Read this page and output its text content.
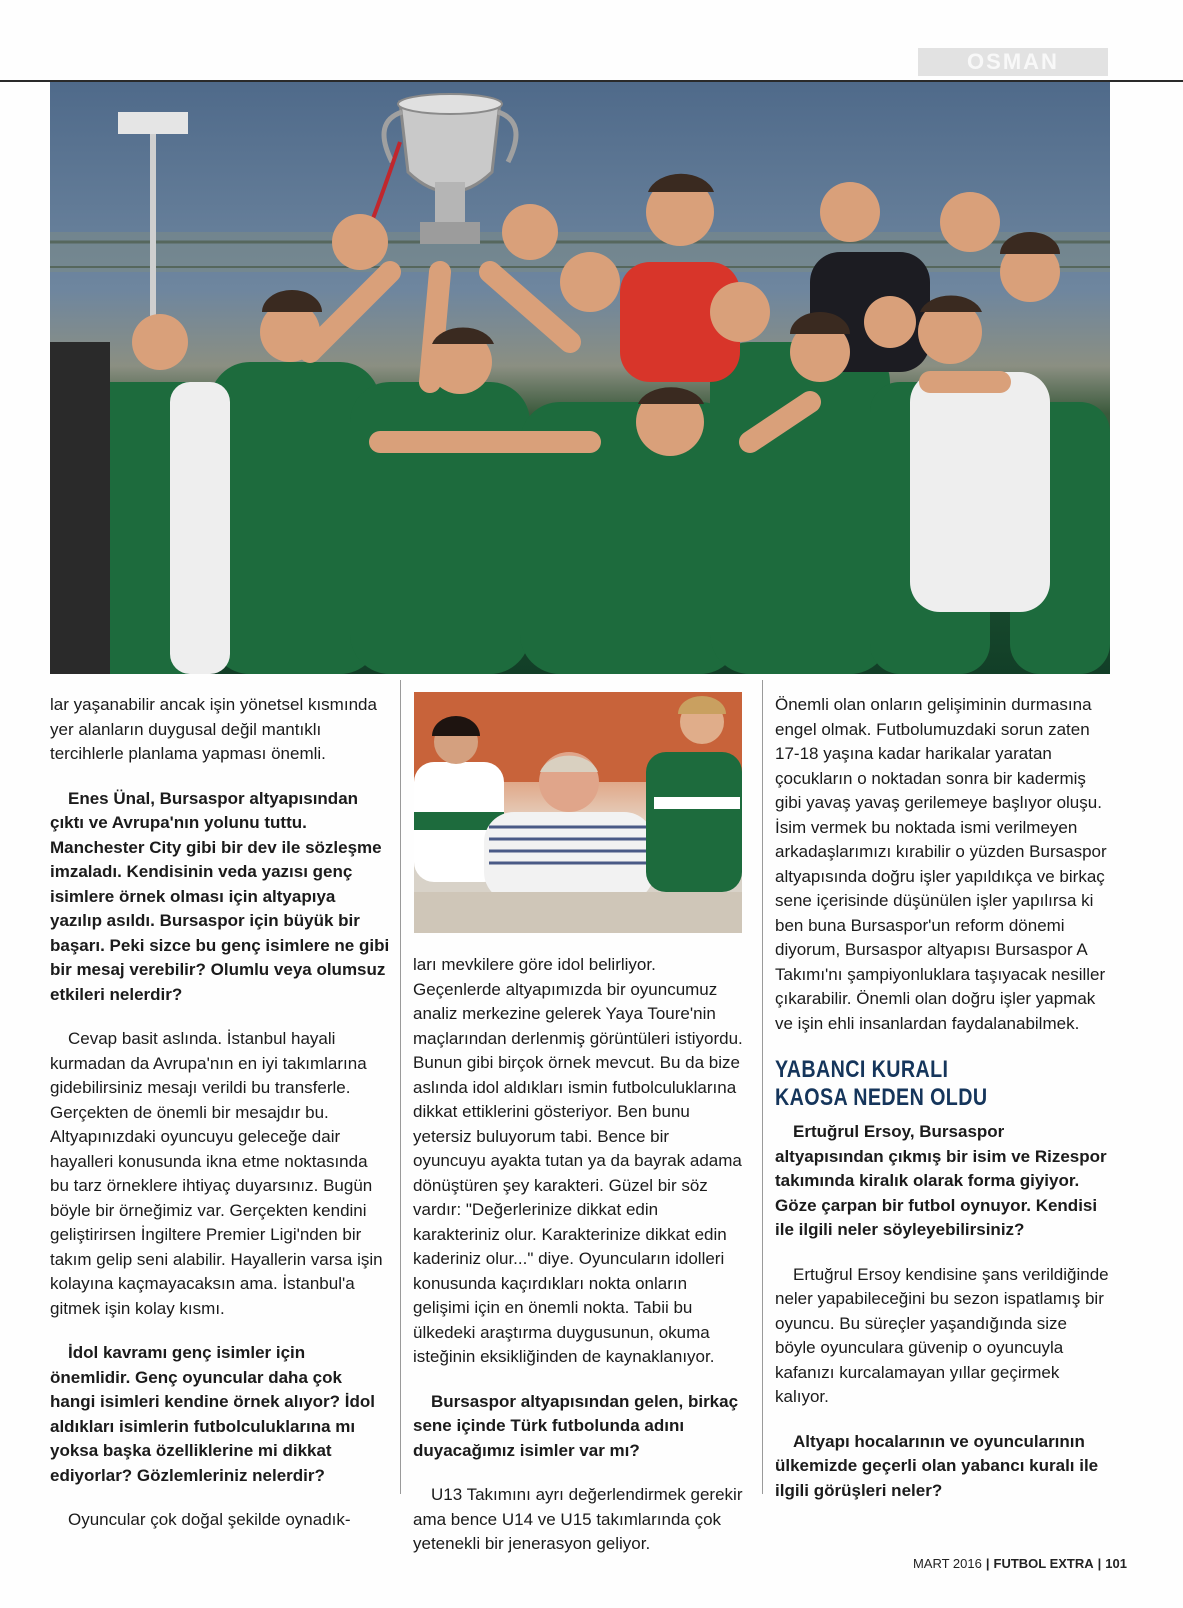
OSMAN

lar yaşanabilir ancak işin yönetsel kısmında yer alanların duygusal değil mantıklı tercihlerle planlama yapması önemli.

Enes Ünal, Bursaspor altyapısından çıktı ve Avrupa'nın yolunu tuttu. Manchester City gibi bir dev ile sözleşme imzaladı. Kendisinin veda yazısı genç isimlere örnek olması için altyapıya yazılıp asıldı. Bursaspor için büyük bir başarı. Peki sizce bu genç isimlere ne gibi bir mesaj verebilir? Olumlu veya olumsuz etkileri nelerdir?

Cevap basit aslında. İstanbul hayali kurmadan da Avrupa'nın en iyi takımlarına gidebilirsiniz mesajı verildi bu transferle. Gerçekten de önemli bir mesajdır bu. Altyapınızdaki oyuncuyu geleceğe dair hayalleri konusunda ikna etme noktasında bu tarz örneklere ihtiyaç duyarsınız. Bugün böyle bir örneğimiz var. Gerçekten kendini geliştirirsen İngiltere Premier Ligi'nden bir takım gelip seni alabilir. Hayallerin varsa işin kolayına kaçmayacaksın ama. İstanbul'a gitmek işin kolay kısmı.

İdol kavramı genç isimler için önemlidir. Genç oyuncular daha çok hangi isimleri kendine örnek alıyor? İdol aldıkları isimlerin futbolculuklarına mı yoksa başka özelliklerine mi dikkat ediyorlar? Gözlemleriniz nelerdir?

Oyuncular çok doğal şekilde oynadık-

ları mevkilere göre idol belirliyor. Geçenlerde altyapımızda bir oyuncumuz analiz merkezine gelerek Yaya Toure'nin maçlarından derlenmiş görüntüleri istiyordu. Bunun gibi birçok örnek mevcut. Bu da bize aslında idol aldıkları ismin futbolculuklarına dikkat ettiklerini gösteriyor. Ben bunu yetersiz buluyorum tabi. Bence bir oyuncuyu ayakta tutan ya da bayrak adama dönüştüren şey karakteri. Güzel bir söz vardır: "Değerlerinize dikkat edin karakteriniz olur. Karakterinize dikkat edin kaderiniz olur..." diye. Oyuncuların idolleri konusunda kaçırdıkları nokta onların gelişimi için en önemli nokta. Tabii bu ülkedeki araştırma duygusunun, okuma isteğinin eksikliğinden de kaynaklanıyor.

Bursaspor altyapısından gelen, birkaç sene içinde Türk futbolunda adını duyacağımız isimler var mı?

U13 Takımını ayrı değerlendirmek gerekir ama bence U14 ve U15 takımlarında çok yetenekli bir jenerasyon geliyor.

Önemli olan onların gelişiminin durmasına engel olmak. Futbolumuzdaki sorun zaten 17-18 yaşına kadar harikalar yaratan çocukların o noktadan sonra bir kadermiş gibi yavaş yavaş gerilemeye başlıyor oluşu. İsim vermek bu noktada ismi verilmeyen arkadaşlarımızı kırabilir o yüzden Bursaspor altyapısında doğru işler yapıldıkça ve birkaç sene içerisinde düşünülen işler yapılırsa ki ben buna Bursaspor'un reform dönemi diyorum, Bursaspor altyapısı Bursaspor A Takımı'nı şampiyonluklara taşıyacak nesiller çıkarabilir. Önemli olan doğru işler yapmak ve işin ehli insanlardan faydalanabilmek.

YABANCI KURALI
KAOSA NEDEN OLDU

Ertuğrul Ersoy, Bursaspor altyapısından çıkmış bir isim ve Rizespor takımında kiralık olarak forma giyiyor. Göze çarpan bir futbol oynuyor. Kendisi ile ilgili neler söyleyebilirsiniz?

Ertuğrul Ersoy kendisine şans verildiğinde neler yapabileceğini bu sezon ispatlamış bir oyuncu. Bu süreçler yaşandığında size böyle oyunculara güvenip o oyuncuyla kafanızı kurcalamayan yıllar geçirmek kalıyor.

Altyapı hocalarının ve oyuncularının ülkemizde geçerli olan yabancı kuralı ile ilgili görüşleri neler?

MART 2016 | FUTBOL EXTRA | 101
